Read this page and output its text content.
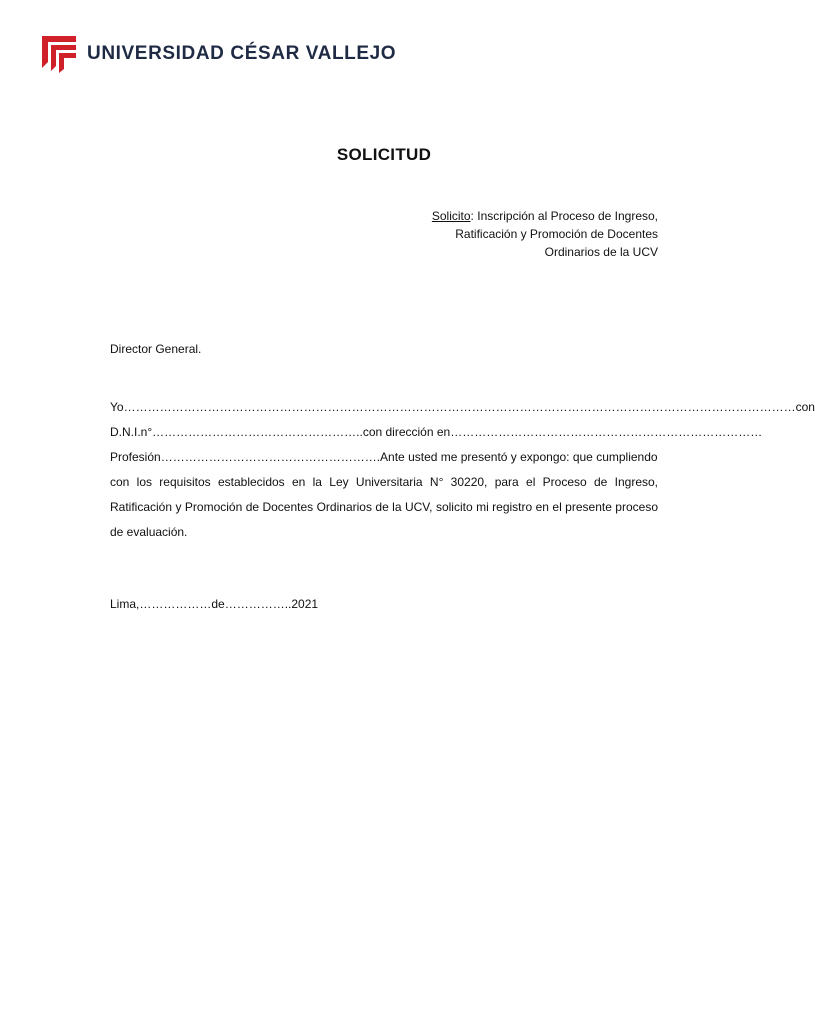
UNIVERSIDAD CÉSAR VALLEJO
SOLICITUD
Solicito: Inscripción al Proceso de Ingreso,
Ratificación y Promoción de Docentes
Ordinarios de la UCV
Director General.
Yo …………………………………………………………………………………………………………………………………………………… con
D.N.I.n° …………………………………………….. con dirección en ……………………………………………………………………
Profesión ………………………………………………. Ante usted me presentó y expongo: que cumpliendo
con los requisitos establecidos en la Ley Universitaria N° 30220, para el Proceso de Ingreso, Ratificación y Promoción de Docentes Ordinarios de la UCV, solicito mi registro en el presente proceso de evaluación.
Lima,………………de……………..2021
